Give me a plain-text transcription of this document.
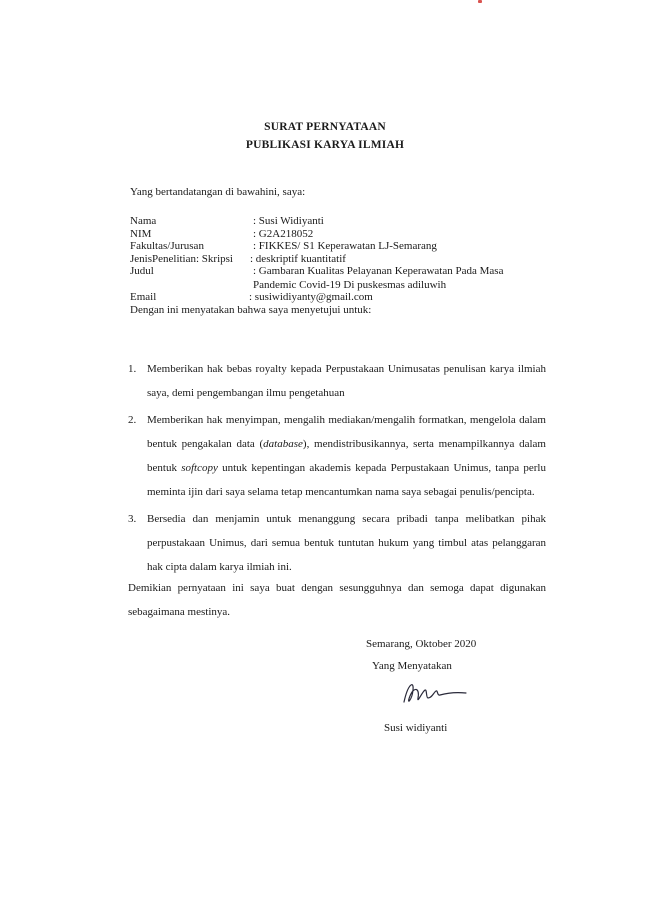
SURAT PERNYATAAN
PUBLIKASI KARYA ILMIAH
Yang bertandatangan di bawahini, saya:
Nama	: Susi Widiyanti
NIM	: G2A218052
Fakultas/Jurusan	: FIKKES/ S1 Keperawatan LJ-Semarang
JenisPenelitian: Skripsi : deskriptif kuantitatif
Judul	: Gambaran Kualitas Pelayanan Keperawatan Pada Masa Pandemic Covid-19 Di puskesmas adiluwih
Email	: susiwidiyanty@gmail.com
Dengan ini menyatakan bahwa saya menyetujui untuk:
1. Memberikan hak bebas royalty kepada Perpustakaan Unimusatas penulisan karya ilmiah saya, demi pengembangan ilmu pengetahuan
2. Memberikan hak menyimpan, mengalih mediakan/mengalih formatkan, mengelola dalam bentuk pengakalan data (database), mendistribusikannya, serta menampilkannya dalam bentuk softcopy untuk kepentingan akademis kepada Perpustakaan Unimus, tanpa perlu meminta ijin dari saya selama tetap mencantumkan nama saya sebagai penulis/pencipta.
3. Bersedia dan menjamin untuk menanggung secara pribadi tanpa melibatkan pihak perpustakaan Unimus, dari semua bentuk tuntutan hukum yang timbul atas pelanggaran hak cipta dalam karya ilmiah ini.
Demikian pernyataan ini saya buat dengan sesungguhnya dan semoga dapat digunakan sebagaimana mestinya.
Semarang, Oktober 2020
Yang Menyatakan
Susi widiyanti
